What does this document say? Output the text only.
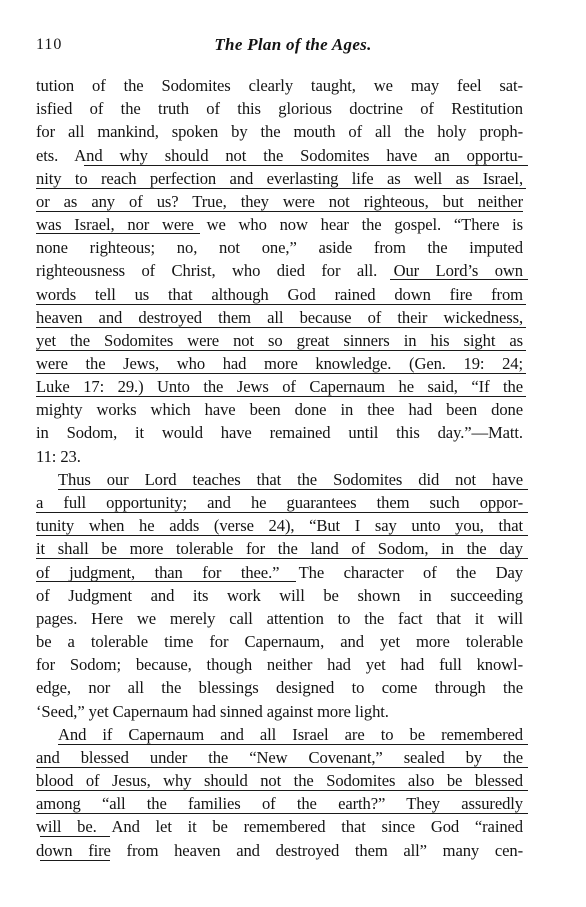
110	The Plan of the Ages.
tution of the Sodomites clearly taught, we may feel sat-
isfied of the truth of this glorious doctrine of Restitution
for all mankind, spoken by the mouth of all the holy proph-
ets. And why should not the Sodomites have an opportu-
nity to reach perfection and everlasting life as well as Israel,
or as any of us? True, they were not righteous, but neither
was Israel, nor were we who now hear the gospel. “There is
none righteous; no, not one,” aside from the imputed
righteousness of Christ, who died for all. Our Lord’s own
words tell us that although God rained down fire from
heaven and destroyed them all because of their wickedness,
yet the Sodomites were not so great sinners in his sight as
were the Jews, who had more knowledge. (Gen. 19: 24;
Luke 17: 29.) Unto the Jews of Capernaum he said, “If the
mighty works which have been done in thee had been done
in Sodom, it would have remained until this day.”—Matt.
11: 23.
Thus our Lord teaches that the Sodomites did not have
a full opportunity; and he guarantees them such oppor-
tunity when he adds (verse 24), “But I say unto you, that
it shall be more tolerable for the land of Sodom, in the day
of judgment, than for thee.” The character of the Day
of Judgment and its work will be shown in succeeding
pages. Here we merely call attention to the fact that it will
be a tolerable time for Capernaum, and yet more tolerable
for Sodom; because, though neither had yet had full knowl-
edge, nor all the blessings designed to come through the
‘Seed,” yet Capernaum had sinned against more light.
And if Capernaum and all Israel are to be remembered
and blessed under the “New Covenant,” sealed by the
blood of Jesus, why should not the Sodomites also be blessed
among “all the families of the earth?” They assuredly
will be. And let it be remembered that since God “rained
down fire from heaven and destroyed them all” many cen-
